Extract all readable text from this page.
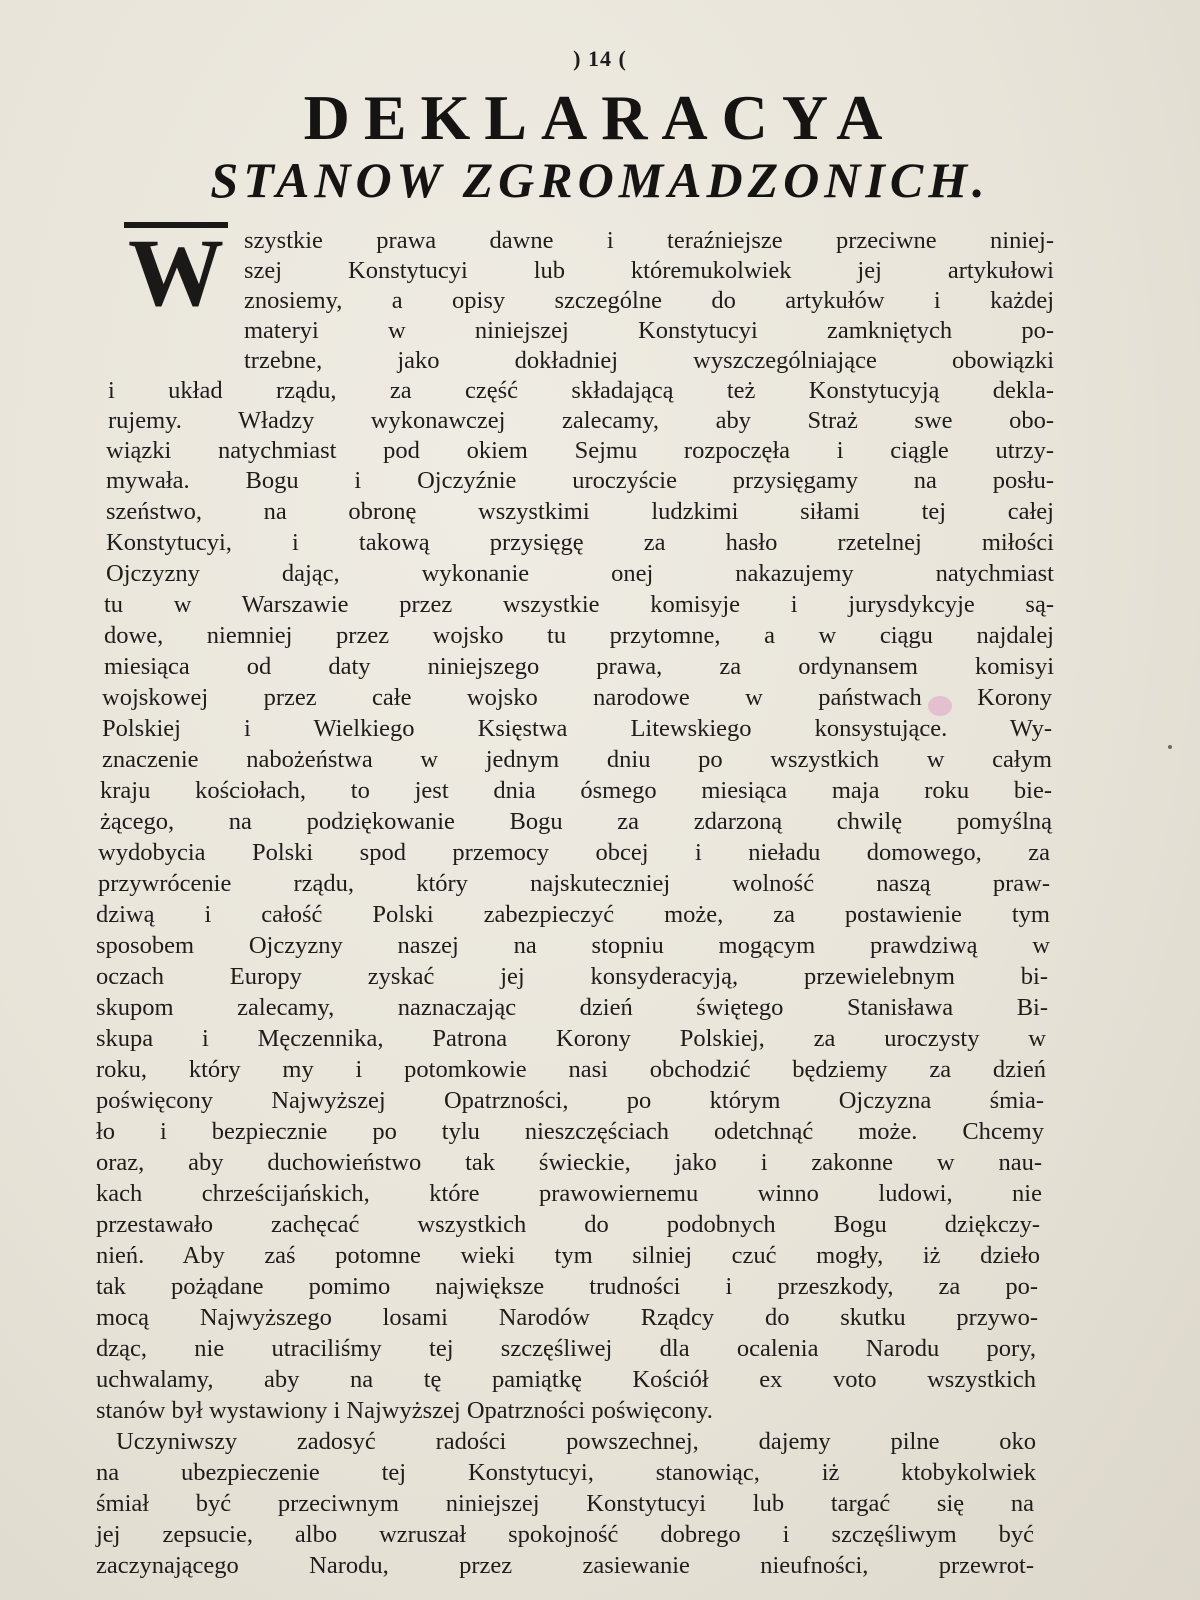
) 14 (
DEKLARACYA
STANOW ZGROMADZONICH.
W szystkie prawa dawne i teraźniejsze przeciwne niniej-
szej Konstytucyi lub któremukolwiek jej artykułowi
znosiemy, a opisy szczególne do artykułów i każdej
materyi w niniejszej Konstytucyi zamkniętych po-
trzebne, jako dokładniej wyszczególniające obowiązki
i układ rządu, za część składającą też Konstytucyją dekla-
rujemy. Władzy wykonawczej zalecamy, aby Straż swe obo-
wiązki natychmiast pod okiem Sejmu rozpoczęła i ciągle utrzy-
mywała. Bogu i Ojczyźnie uroczyście przysięgamy na posłu-
szeństwo, na obronę wszystkimi ludzkimi siłami tej całej
Konstytucyi, i takową przysięgę za hasło rzetelnej miłości
Ojczyzny dając, wykonanie onej nakazujemy natychmiast
tu w Warszawie przez wszystkie komisyje i jurysdykcyje są-
dowe, niemniej przez wojsko tu przytomne, a w ciągu najdalej
miesiąca od daty niniejszego prawa, za ordynansem komisyi
wojskowej przez całe wojsko narodowe w państwach Korony
Polskiej i Wielkiego Księstwa Litewskiego konsystujące. Wy-
znaczenie nabożeństwa w jednym dniu po wszystkich w całym
kraju kościołach, to jest dnia ósmego miesiąca maja roku bie-
żącego, na podziękowanie Bogu za zdarzoną chwilę pomyślną
wydobycia Polski spod przemocy obcej i nieładu domowego, za
przywrócenie rządu, który najskuteczniej wolność naszą praw-
dziwą i całość Polski zabezpieczyć może, za postawienie tym
sposobem Ojczyzny naszej na stopniu mogącym prawdziwą w
oczach Europy zyskać jej konsyderacyją, przewielebnym bi-
skupom zalecamy, naznaczając dzień świętego Stanisława Bi-
skupa i Męczennika, Patrona Korony Polskiej, za uroczysty w
roku, który my i potomkowie nasi obchodzić będziemy za dzień
poświęcony Najwyższej Opatrzności, po którym Ojczyzna śmia-
ło i bezpiecznie po tylu nieszczęściach odetchnąć może. Chcemy
oraz, aby duchowieństwo tak świeckie, jako i zakonne w nau-
kach chrześcijańskich, które prawowiernemu winno ludowi, nie
przestawało zachęcać wszystkich do podobnych Bogu dziękczy-
nień. Aby zaś potomne wieki tym silniej czuć mogły, iż dzieło
tak pożądane pomimo największe trudności i przeszkody, za po-
mocą Najwyższego losami Narodów Rządcy do skutku przywo-
dząc, nie utraciliśmy tej szczęśliwej dla ocalenia Narodu pory,
uchwalamy, aby na tę pamiątkę Kościół ex voto wszystkich
stanów był wystawiony i Najwyższej Opatrzności poświęcony.
Uczyniwszy zadosyć radości powszechnej, dajemy pilne oko
na ubezpieczenie tej Konstytucyi, stanowiąc, iż ktobykolwiek
śmiał być przeciwnym niniejszej Konstytucyi lub targać się na
jej zepsucie, albo wzruszał spokojność dobrego i szczęśliwym być
zaczynającego Narodu, przez zasiewanie nieufności, przewrot-
